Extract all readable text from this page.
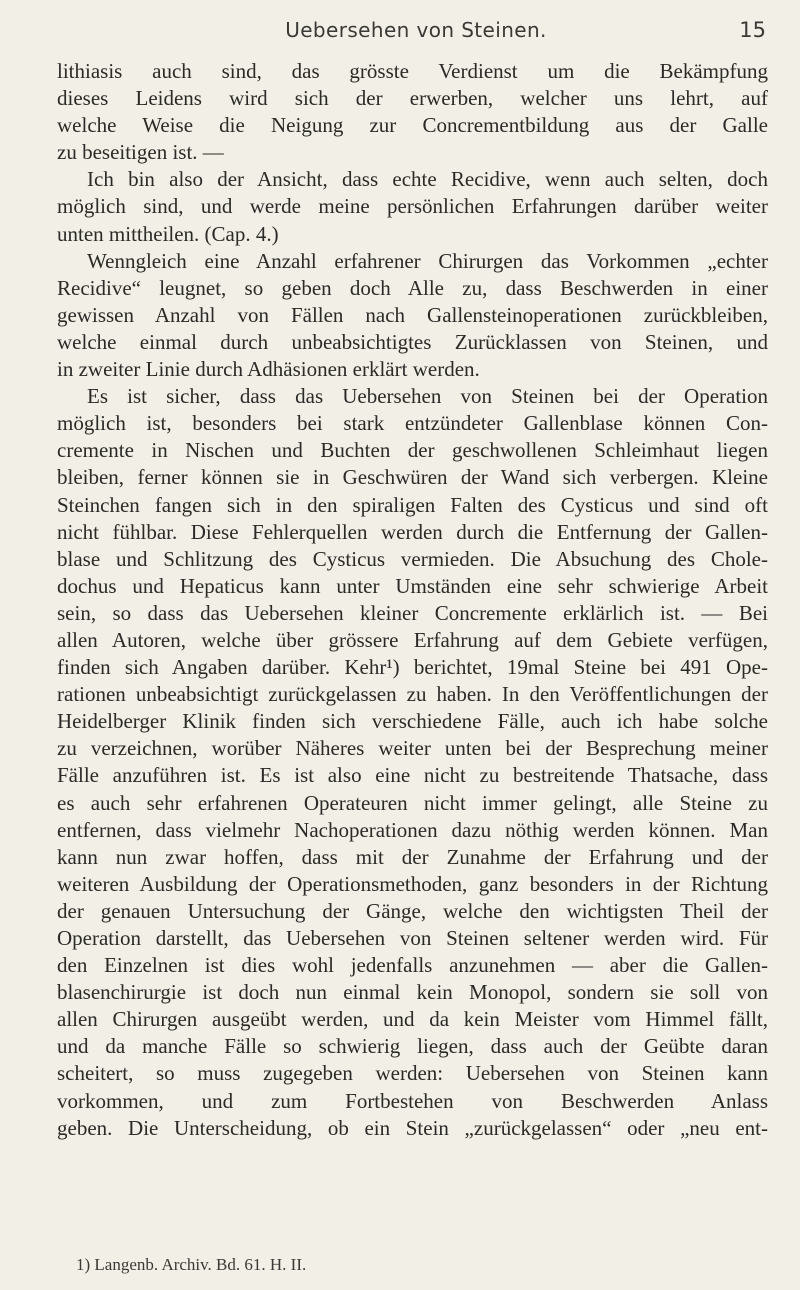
Uebersehen von Steinen.	15
lithiasis auch sind, das grösste Verdienst um die Bekämpfung
dieses Leidens wird sich der erwerben, welcher uns lehrt, auf
welche Weise die Neigung zur Concrementbildung aus der Galle
zu beseitigen ist. —
Ich bin also der Ansicht, dass echte Recidive, wenn auch selten, doch
möglich sind, und werde meine persönlichen Erfahrungen darüber weiter
unten mittheilen. (Cap. 4.)
Wenngleich eine Anzahl erfahrener Chirurgen das Vorkommen „echter
Recidive“ leugnet, so geben doch Alle zu, dass Beschwerden in einer
gewissen Anzahl von Fällen nach Gallensteinoperationen zurückbleiben,
welche einmal durch unbeabsichtigtes Zurücklassen von Steinen, und
in zweiter Linie durch Adhäsionen erklärt werden.
Es ist sicher, dass das Uebersehen von Steinen bei der Operation
möglich ist, besonders bei stark entzündeter Gallenblase können Con-
cremente in Nischen und Buchten der geschwollenen Schleimhaut liegen
bleiben, ferner können sie in Geschwüren der Wand sich verbergen. Kleine
Steinchen fangen sich in den spiraligen Falten des Cysticus und sind oft
nicht fühlbar. Diese Fehlerquellen werden durch die Entfernung der Gallen-
blase und Schlitzung des Cysticus vermieden. Die Absuchung des Chole-
dochus und Hepaticus kann unter Umständen eine sehr schwierige Arbeit
sein, so dass das Uebersehen kleiner Concremente erklärlich ist. — Bei
allen Autoren, welche über grössere Erfahrung auf dem Gebiete verfügen,
finden sich Angaben darüber. Kehr¹) berichtet, 19mal Steine bei 491 Ope-
rationen unbeabsichtigt zurückgelassen zu haben. In den Veröffentlichungen der
Heidelberger Klinik finden sich verschiedene Fälle, auch ich habe solche
zu verzeichnen, worüber Näheres weiter unten bei der Besprechung meiner
Fälle anzuführen ist. Es ist also eine nicht zu bestreitende Thatsache, dass
es auch sehr erfahrenen Operateuren nicht immer gelingt, alle Steine zu
entfernen, dass vielmehr Nachoperationen dazu nöthig werden können. Man
kann nun zwar hoffen, dass mit der Zunahme der Erfahrung und der
weiteren Ausbildung der Operationsmethoden, ganz besonders in der Richtung
der genauen Untersuchung der Gänge, welche den wichtigsten Theil der
Operation darstellt, das Uebersehen von Steinen seltener werden wird. Für
den Einzelnen ist dies wohl jedenfalls anzunehmen — aber die Gallen-
blasenchirurgie ist doch nun einmal kein Monopol, sondern sie soll von
allen Chirurgen ausgeübt werden, und da kein Meister vom Himmel fällt,
und da manche Fälle so schwierig liegen, dass auch der Geübte daran
scheitert, so muss zugegeben werden: Uebersehen von Steinen kann
vorkommen, und zum Fortbestehen von Beschwerden Anlass
geben. Die Unterscheidung, ob ein Stein „zurückgelassen“ oder „neu ent-
1) Langenb. Archiv. Bd. 61. H. II.
